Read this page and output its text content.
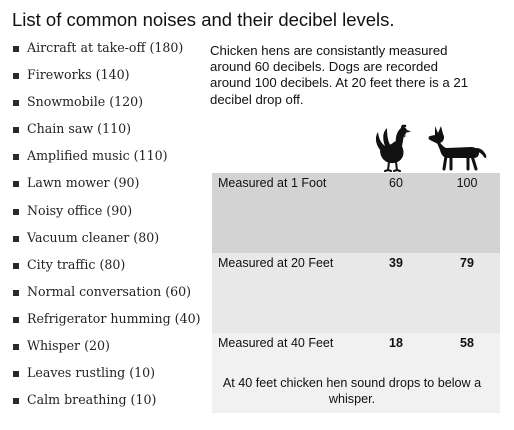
List of common noises and their decibel levels.
Aircraft at take-off (180)
Fireworks (140)
Snowmobile (120)
Chain saw (110)
Amplified music (110)
Lawn mower (90)
Noisy office (90)
Vacuum cleaner (80)
City traffic (80)
Normal conversation (60)
Refrigerator humming (40)
Whisper (20)
Leaves rustling (10)
Calm breathing (10)
Chicken hens are consistantly measured around 60 decibels. Dogs are recorded around 100 decibels. At 20 feet there is a 21 decibel drop off.
Measured at 1 Foot	60	100
Measured at 20 Feet	39	79
Measured at 40 Feet	18	58
At 40 feet chicken hen sound drops to below a whisper.
